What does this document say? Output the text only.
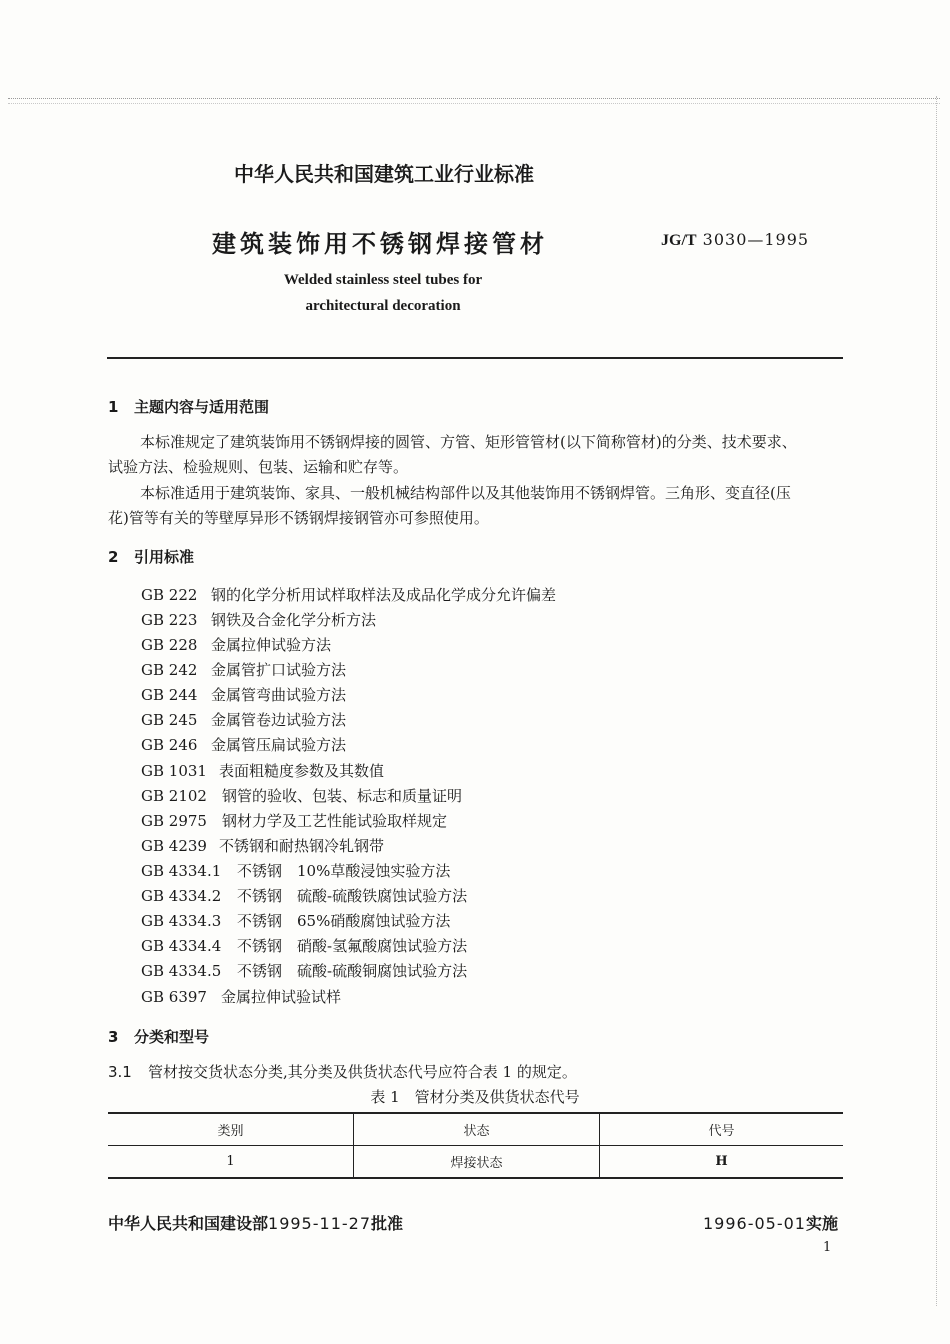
中华人民共和国建筑工业行业标准
建筑装饰用不锈钢焊接管材	JG/T 3030—1995
Welded stainless steel tubes for
architectural decoration
1 主题内容与适用范围
本标准规定了建筑装饰用不锈钢焊接的圆管、方管、矩形管管材(以下简称管材)的分类、技术要求、
试验方法、检验规则、包装、运输和贮存等。
本标准适用于建筑装饰、家具、一般机械结构部件以及其他装饰用不锈钢焊管。三角形、变直径(压
花)管等有关的等壁厚异形不锈钢焊接钢管亦可参照使用。
2 引用标准
GB 222 钢的化学分析用试样取样法及成品化学成分允许偏差
GB 223 钢铁及合金化学分析方法
GB 228 金属拉伸试验方法
GB 242 金属管扩口试验方法
GB 244 金属管弯曲试验方法
GB 245 金属管卷边试验方法
GB 246 金属管压扁试验方法
GB 1031 表面粗糙度参数及其数值
GB 2102 钢管的验收、包装、标志和质量证明
GB 2975 钢材力学及工艺性能试验取样规定
GB 4239 不锈钢和耐热钢冷轧钢带
GB 4334.1 不锈钢　10%草酸浸蚀实验方法
GB 4334.2 不锈钢　硫酸-硫酸铁腐蚀试验方法
GB 4334.3 不锈钢　65%硝酸腐蚀试验方法
GB 4334.4 不锈钢　硝酸-氢氟酸腐蚀试验方法
GB 4334.5 不锈钢　硫酸-硫酸铜腐蚀试验方法
GB 6397 金属拉伸试验试样
3 分类和型号
3.1 管材按交货状态分类,其分类及供货状态代号应符合表 1 的规定。
表 1　管材分类及供货状态代号
类别	状态	代号
1	焊接状态	H
中华人民共和国建设部1995-11-27批准	1996-05-01实施
1
